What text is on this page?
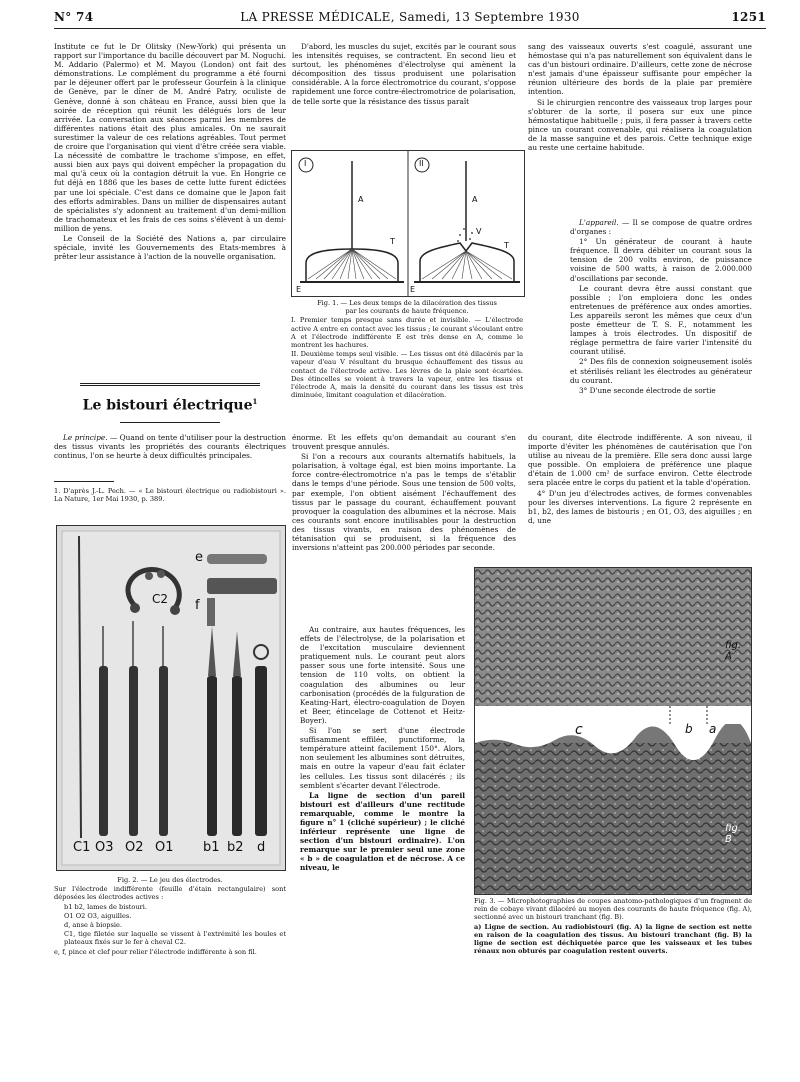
N° 74	LA PRESSE MÉDICALE, Samedi, 13 Septembre 1930	1251

Institute ce fut le Dr Olitsky (New-York) qui présenta un rapport sur l'importance du bacille découvert par M. Noguchi. M. Addario (Palermo) et M. Mayou (London) ont fait des démonstrations. Le complément du programme a été fourni par le déjeuner offert par le professeur Gourfein à la clinique de Genève, par le dîner de M. André Patry, oculiste de Genève, donné à son château en France, aussi bien que la soirée de réception qui réunit les délégués lors de leur arrivée. La conversation aux séances parmi les membres de différentes nations était des plus amicales. On ne saurait surestimer la valeur de ces relations agréables. Tout permet de croire que l'organisation qui vient d'être créée sera viable. La nécessité de combattre le trachome s'impose, en effet, aussi bien aux pays qui doivent empêcher la propagation du mal qu'à ceux où la contagion détruit la vue. En Hongrie ce fut déjà en 1886 que les bases de cette lutte furent édictées par une loi spéciale. C'est dans ce domaine que le Japon fait des efforts admirables. Dans un millier de dispensaires autant de spécialistes s'y adonnent au traitement d'un demi-million de trachomateux et les frais de ces soins s'élèvent à un demi-million de yens.

Le Conseil de la Société des Nations a, par circulaire spéciale, invité les Gouvernements des Etats-membres à prêter leur assistance à l'action de la nouvelle organisation.

Le bistouri électrique$^1$

Le principe. — Quand on tente d'utiliser pour la destruction des tissus vivants les propriétés des courants électriques continus, l'on se heurte à deux difficultés principales.

1. D'après J.-L. Pech. — « Le bistouri électrique ou radiobistouri ». La Nature, 1er Mai 1930, p. 389.

C2
e
f
C1 O3 O2 O1 b1 b2 d

Fig. 2. — Le jeu des électrodes.

Sur l'électrode indifférente (feuille d'étain rectangulaire) sont déposées les électrodes actives :

b1 b2, lames de bistouri.

O1 O2 O3, aiguilles.

d, anse à biopsie.

C1, tige filetée sur laquelle se vissent à l'extrémité les boules et plateaux fixés sur le fer à cheval C2.

e, f, pince et clef pour relier l'électrode indifférente à son fil.

D'abord, les muscles du sujet, excités par le courant sous les intensités requises, se contractent. En second lieu et surtout, les phénomènes d'électrolyse qui amènent la décomposition des tissus produisent une polarisation considérable. A la force électromotrice du courant, s'oppose rapidement une force contre-électromotrice de polarisation, de telle sorte que la résistance des tissus paraît

I	II
A
T
E
A
V
T
E

Fig. 1. — Les deux temps de la dilacération des tissus par les courants de haute fréquence.

I. Premier temps presque sans durée et invisible. — L'électrode active A entre en contact avec les tissus ; le courant s'écoulant entre A et l'électrode indifférente E est très dense en A, comme le montrent les hachures.

II. Deuxième temps seul visible. — Les tissus ont été dilacérés par la vapeur d'eau V résultant du brusque échauffement des tissus au contact de l'électrode active. Les lèvres de la plaie sont écartées. Des étincelles se voient à travers la vapeur, entre les tissus et l'électrode A, mais la densité du courant dans les tissus est très diminuée, limitant coagulation et dilacération.

énorme. Et les effets qu'on demandait au courant s'en trouvent presque annulés.

Si l'on a recours aux courants alternatifs habituels, la polarisation, à voltage égal, est bien moins importante. La force contre-électromotrice n'a pas le temps de s'établir dans le temps d'une période. Sous une tension de 500 volts, par exemple, l'on obtient aisément l'échauffement des tissus par le passage du courant, échauffement pouvant provoquer la coagulation des albumines et la nécrose. Mais ces courants sont encore inutilisables pour la destruction des tissus vivants, en raison des phénomènes de tétanisation qui se produisent, si la fréquence des inversions n'atteint pas 200.000 périodes par seconde.

Au contraire, aux hautes fréquences, les effets de l'électrolyse, de la polarisation et de l'excitation musculaire deviennent pratiquement nuls. Le courant peut alors passer sous une forte intensité. Sous une tension de 110 volts, on obtient la coagulation des albumines ou leur carbonisation (procédés de la fulguration de Keating-Hart, électro-coagulation de Doyen et Beer, étincelage de Cottenot et Heitz-Boyer).

Si l'on se sert d'une électrode suffisamment effilée, punctiforme, la température atteint facilement 150°. Alors, non seulement les albumines sont détruites, mais en outre la vapeur d'eau fait éclater les cellules. Les tissus sont dilacérés ; ils semblent s'écarter devant l'électrode.

La ligne de section d'un pareil bistouri est d'ailleurs d'une rectitude remarquable, comme le montre la figure n° 1 (cliché supérieur) ; le cliché inférieur représente une ligne de section d'un bistouri ordinaire). L'on remarque sur le premier seul une zone « b » de coagulation et de nécrose. A ce niveau, le

sang des vaisseaux ouverts s'est coagulé, assurant une hémostase qui n'a pas naturellement son équivalent dans le cas d'un bistouri ordinaire. D'ailleurs, cette zone de nécrose n'est jamais d'une épaisseur suffisante pour empêcher la réunion ultérieure des bords de la plaie par première intention.

Si le chirurgien rencontre des vaisseaux trop larges pour s'obturer de la sorte, il posera sur eux une pince hémostatique habituelle ; puis, il fera passer à travers cette pince un courant convenable, qui réalisera la coagulation de la masse sanguine et des parois. Cette technique exige au reste une certaine habitude.

L'appareil. — Il se compose de quatre ordres d'organes :

1° Un générateur de courant à haute fréquence. Il devra débiter un courant sous la tension de 200 volts environ, de puissance voisine de 500 watts, à raison de 2.000.000 d'oscillations par seconde.

Le courant devra être aussi constant que possible ; l'on emploiera donc les ondes entretenues de préférence aux ondes amorties. Les appareils seront les mêmes que ceux d'un poste émetteur de T. S. F., notamment les lampes à trois électrodes. Un dispositif de réglage permettra de faire varier l'intensité du courant utilisé.

2° Des fils de connexion soigneusement isolés et stérilisés reliant les électrodes au générateur du courant.

3° D'une seconde électrode de sortie

du courant, dite électrode indifférente. A son niveau, il importe d'éviter les phénomènes de cautérisation que l'on utilise au niveau de la première. Elle sera donc aussi large que possible. On emploiera de préférence une plaque d'étain de 1.000 cm² de surface environ. Cette électrode sera placée entre le corps du patient et la table d'opération.

4° D'un jeu d'électrodes actives, de formes convenables pour les diverses interventions. La figure 2 représente en b1, b2, des lames de bistouris ; en O1, O3, des aiguilles ; en d, une

fig. A
c	b a
fig. B

Fig. 3. — Microphotographies de coupes anatomo-pathologiques d'un fragment de rein de cobaye vivant dilacéré au moyen des courants de haute fréquence (fig. A), sectionné avec un bistouri tranchant (fig. B).

a) Ligne de section. Au radiobistouri (fig. A) la ligne de section est nette en raison de la coagulation des tissus. Au bistouri tranchant (fig. B) la ligne de section est déchiquetée parce que les vaisseaux et les tubes rénaux non obturés par coagulation restent ouverts.
